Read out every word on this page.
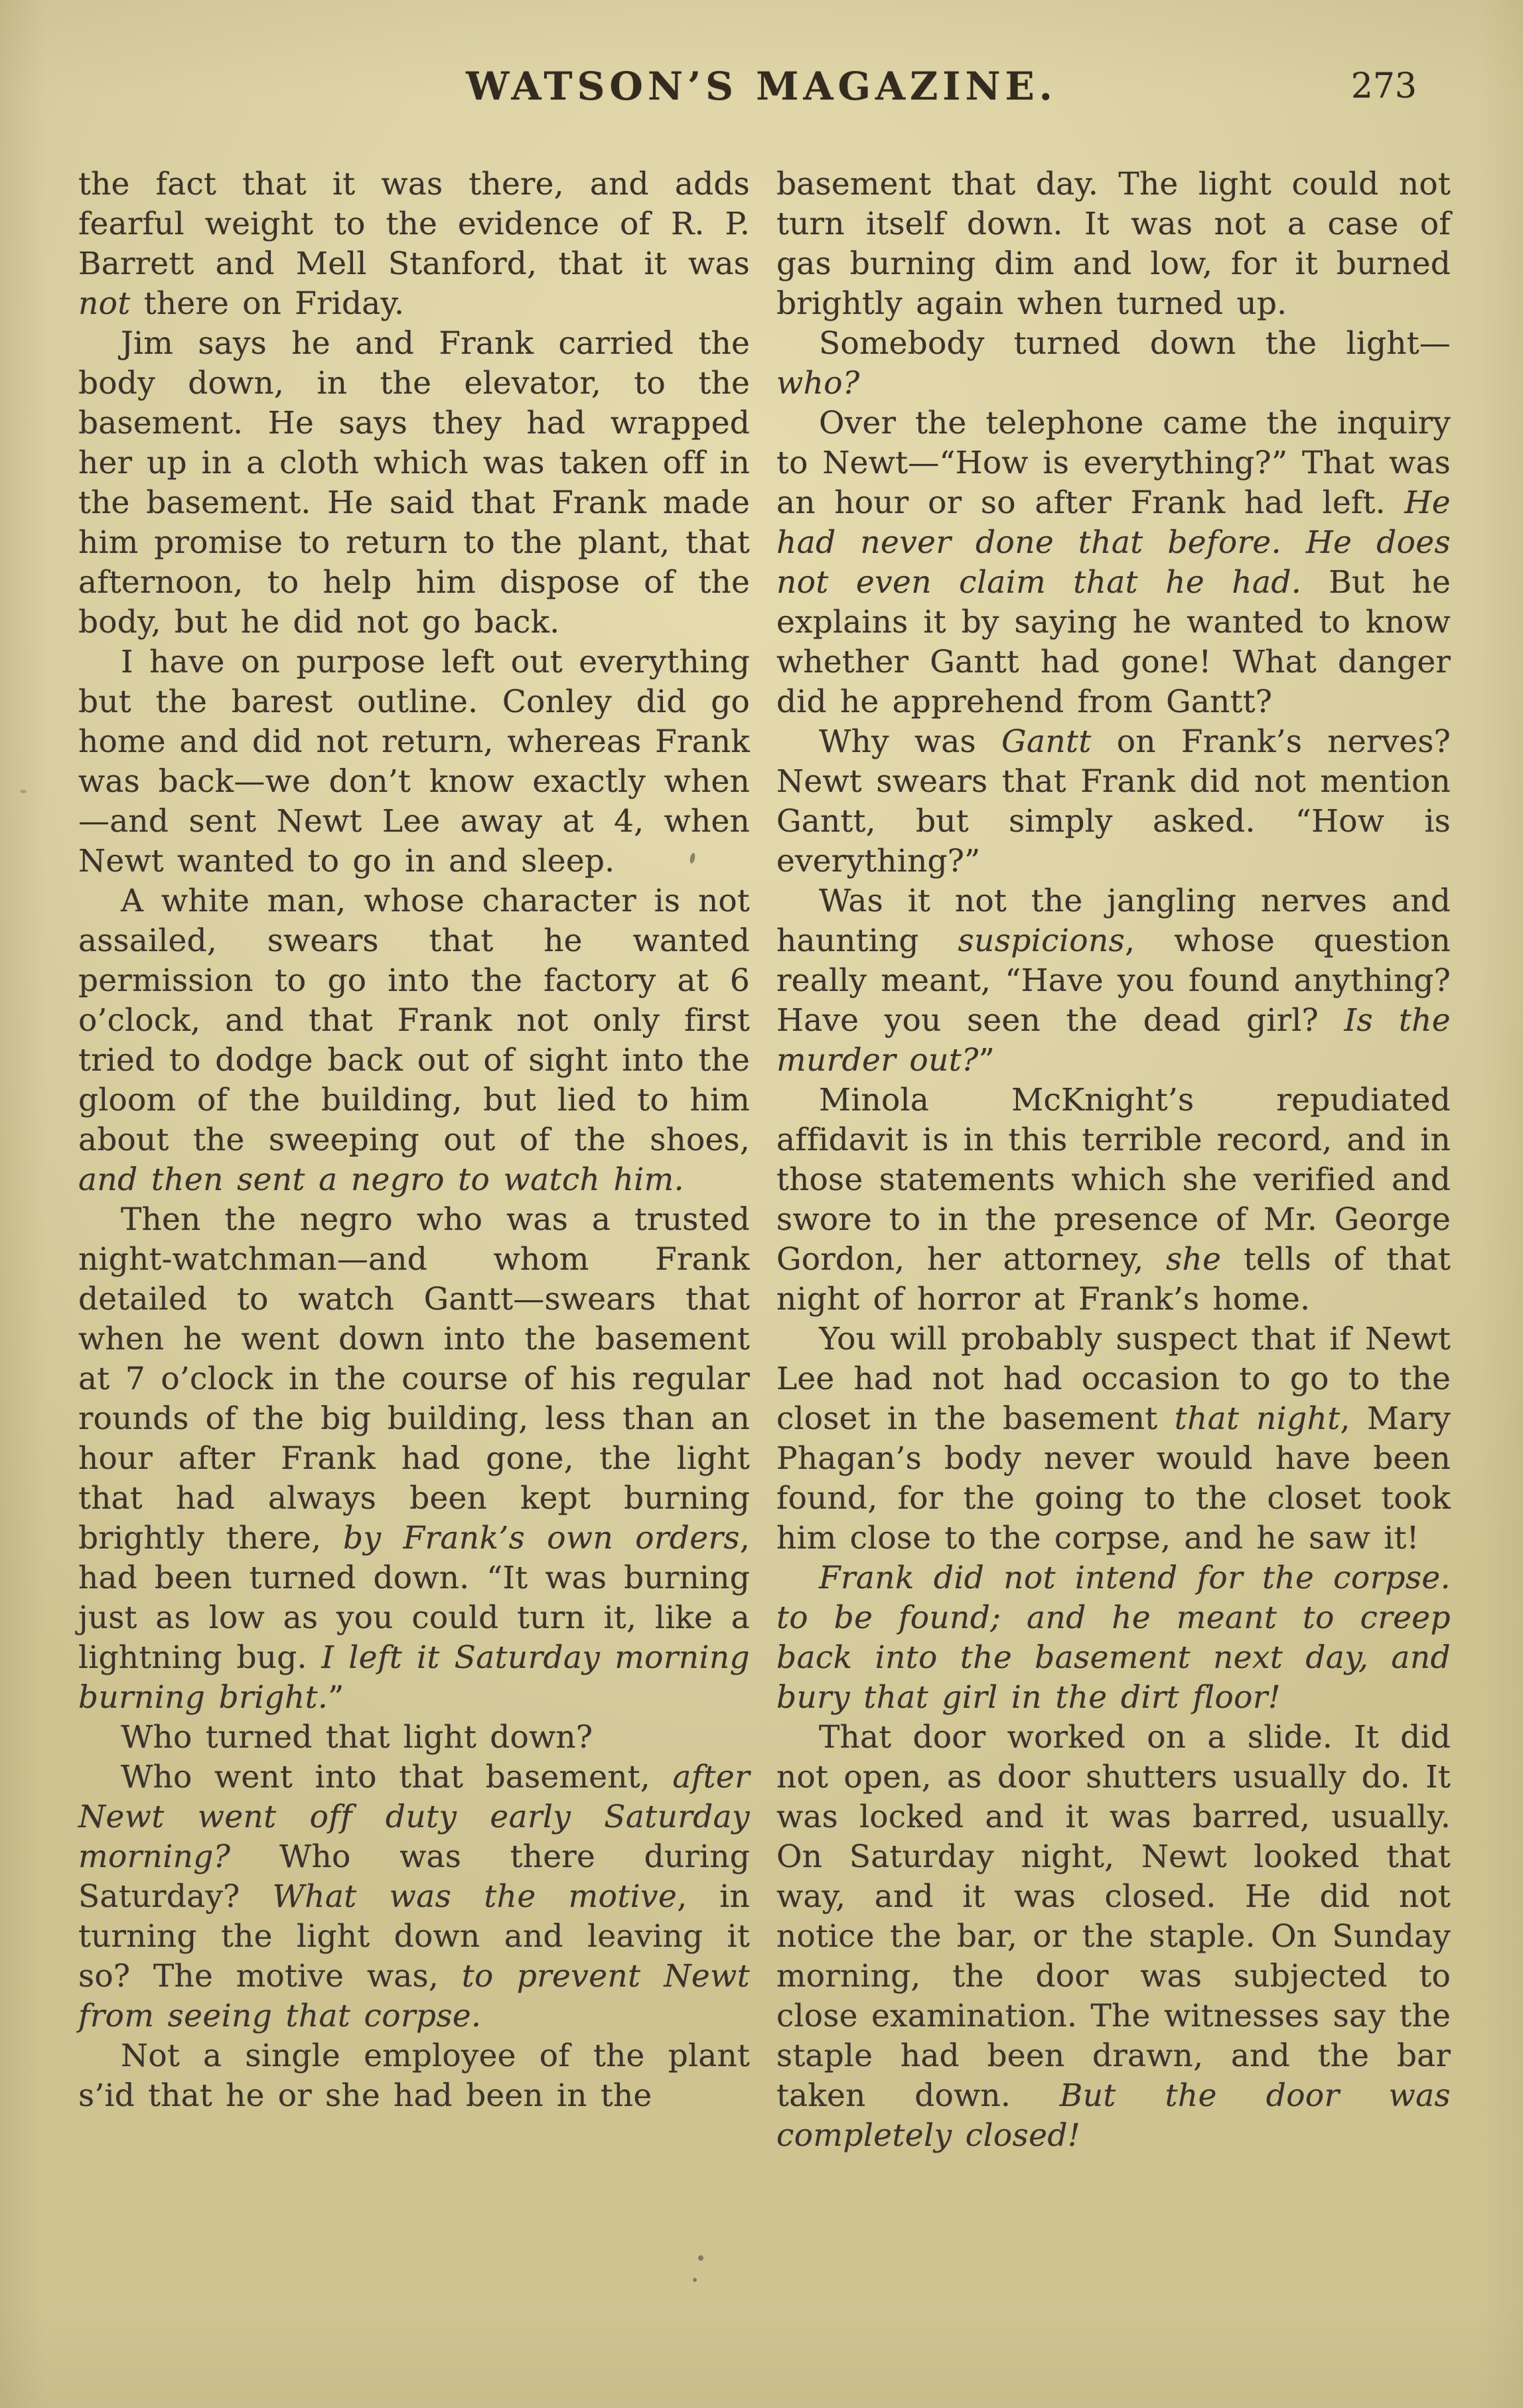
WATSON’S MAGAZINE.	273

the fact that it was there, and adds fearful weight to the evidence of R. P. Barrett and Mell Stanford, that it was not there on Friday.

Jim says he and Frank carried the body down, in the elevator, to the basement. He says they had wrapped her up in a cloth which was taken off in the basement. He said that Frank made him promise to return to the plant, that afternoon, to help him dispose of the body, but he did not go back.

I have on purpose left out everything but the barest outline. Conley did go home and did not return, whereas Frank was back—we don’t know exactly when—and sent Newt Lee away at 4, when Newt wanted to go in and sleep.

A white man, whose character is not assailed, swears that he wanted permission to go into the factory at 6 o’clock, and that Frank not only first tried to dodge back out of sight into the gloom of the building, but lied to him about the sweeping out of the shoes, and then sent a negro to watch him.

Then the negro who was a trusted night-watchman—and whom Frank detailed to watch Gantt—swears that when he went down into the basement at 7 o’clock in the course of his regular rounds of the big building, less than an hour after Frank had gone, the light that had always been kept burning brightly there, by Frank’s own orders, had been turned down. “It was burning just as low as you could turn it, like a lightning bug. I left it Saturday morning burning bright.”

Who turned that light down?

Who went into that basement, after Newt went off duty early Saturday morning? Who was there during Saturday? What was the motive, in turning the light down and leaving it so? The motive was, to prevent Newt from seeing that corpse.

Not a single employee of the plant s’id that he or she had been in the

basement that day. The light could not turn itself down. It was not a case of gas burning dim and low, for it burned brightly again when turned up.

Somebody turned down the light—who?

Over the telephone came the inquiry to Newt—“How is everything?” That was an hour or so after Frank had left. He had never done that before. He does not even claim that he had. But he explains it by saying he wanted to know whether Gantt had gone! What danger did he apprehend from Gantt?

Why was Gantt on Frank’s nerves? Newt swears that Frank did not mention Gantt, but simply asked. “How is everything?”

Was it not the jangling nerves and haunting suspicions, whose question really meant, “Have you found anything? Have you seen the dead girl? Is the murder out?”

Minola McKnight’s repudiated affidavit is in this terrible record, and in those statements which she verified and swore to in the presence of Mr. George Gordon, her attorney, she tells of that night of horror at Frank’s home.

You will probably suspect that if Newt Lee had not had occasion to go to the closet in the basement that night, Mary Phagan’s body never would have been found, for the going to the closet took him close to the corpse, and he saw it!

Frank did not intend for the corpse. to be found; and he meant to creep back into the basement next day, and bury that girl in the dirt floor!

That door worked on a slide. It did not open, as door shutters usually do. It was locked and it was barred, usually. On Saturday night, Newt looked that way, and it was closed. He did not notice the bar, or the staple. On Sunday morning, the door was subjected to close examination. The witnesses say the staple had been drawn, and the bar taken down. But the door was completely closed!
